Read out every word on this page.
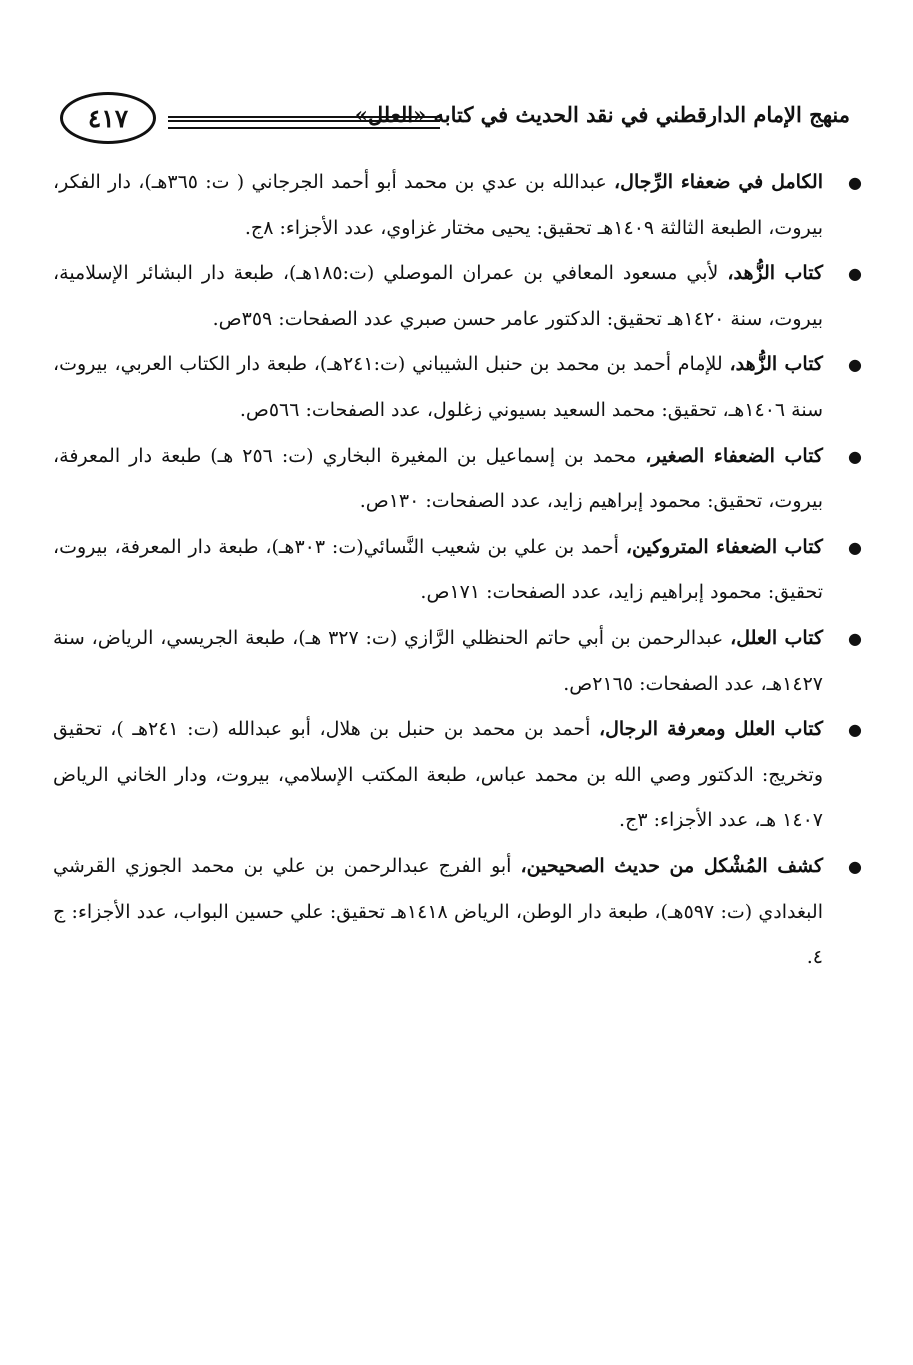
منهج الإمام الدارقطني في نقد الحديث في كتابه «العلل»
٤١٧
●
الكامل في ضعفاء الرِّجال، عبدالله بن عدي بن محمد أبو أحمد الجرجاني ( ت: ٣٦٥هـ)، دار الفكر، بيروت، الطبعة الثالثة ١٤٠٩هـ تحقيق: يحيى مختار غزاوي، عدد الأجزاء: ٨ج.
●
كتاب الزُّهد، لأبي مسعود المعافي بن عمران الموصلي (ت:١٨٥هـ)، طبعة دار البشائر الإسلامية، بيروت، سنة ١٤٢٠هـ تحقيق: الدكتور عامر حسن صبري عدد الصفحات: ٣٥٩ص.
●
كتاب الزُّهد، للإمام أحمد بن محمد بن حنبل الشيباني (ت:٢٤١هـ)، طبعة دار الكتاب العربي، بيروت، سنة ١٤٠٦هـ، تحقيق: محمد السعيد بسيوني زغلول، عدد الصفحات: ٥٦٦ص.
●
كتاب الضعفاء الصغير، محمد بن إسماعيل بن المغيرة البخاري (ت: ٢٥٦ هـ) طبعة دار المعرفة، بيروت، تحقيق: محمود إبراهيم زايد، عدد الصفحات: ١٣٠ص.
●
كتاب الضعفاء المتروكين، أحمد بن علي بن شعيب النَّسائي(ت: ٣٠٣هـ)، طبعة دار المعرفة، بيروت، تحقيق: محمود إبراهيم زايد، عدد الصفحات: ١٧١ص.
●
كتاب العلل، عبدالرحمن بن أبي حاتم الحنظلي الرَّازي (ت: ٣٢٧ هـ)، طبعة الجريسي، الرياض، سنة ١٤٢٧هـ، عدد الصفحات: ٢١٦٥ص.
●
كتاب العلل ومعرفة الرجال، أحمد بن محمد بن حنبل بن هلال، أبو عبدالله (ت: ٢٤١هـ )، تحقيق وتخريج: الدكتور وصي الله بن محمد عباس، طبعة المكتب الإسلامي، بيروت، ودار الخاني الرياض ١٤٠٧ هـ، عدد الأجزاء: ٣ج.
●
كشف المُشْكل من حديث الصحيحين، أبو الفرج عبدالرحمن بن علي بن محمد الجوزي القرشي البغدادي (ت: ٥٩٧هـ)، طبعة دار الوطن، الرياض ١٤١٨هـ تحقيق: علي حسين البواب، عدد الأجزاء: ج ٤.
